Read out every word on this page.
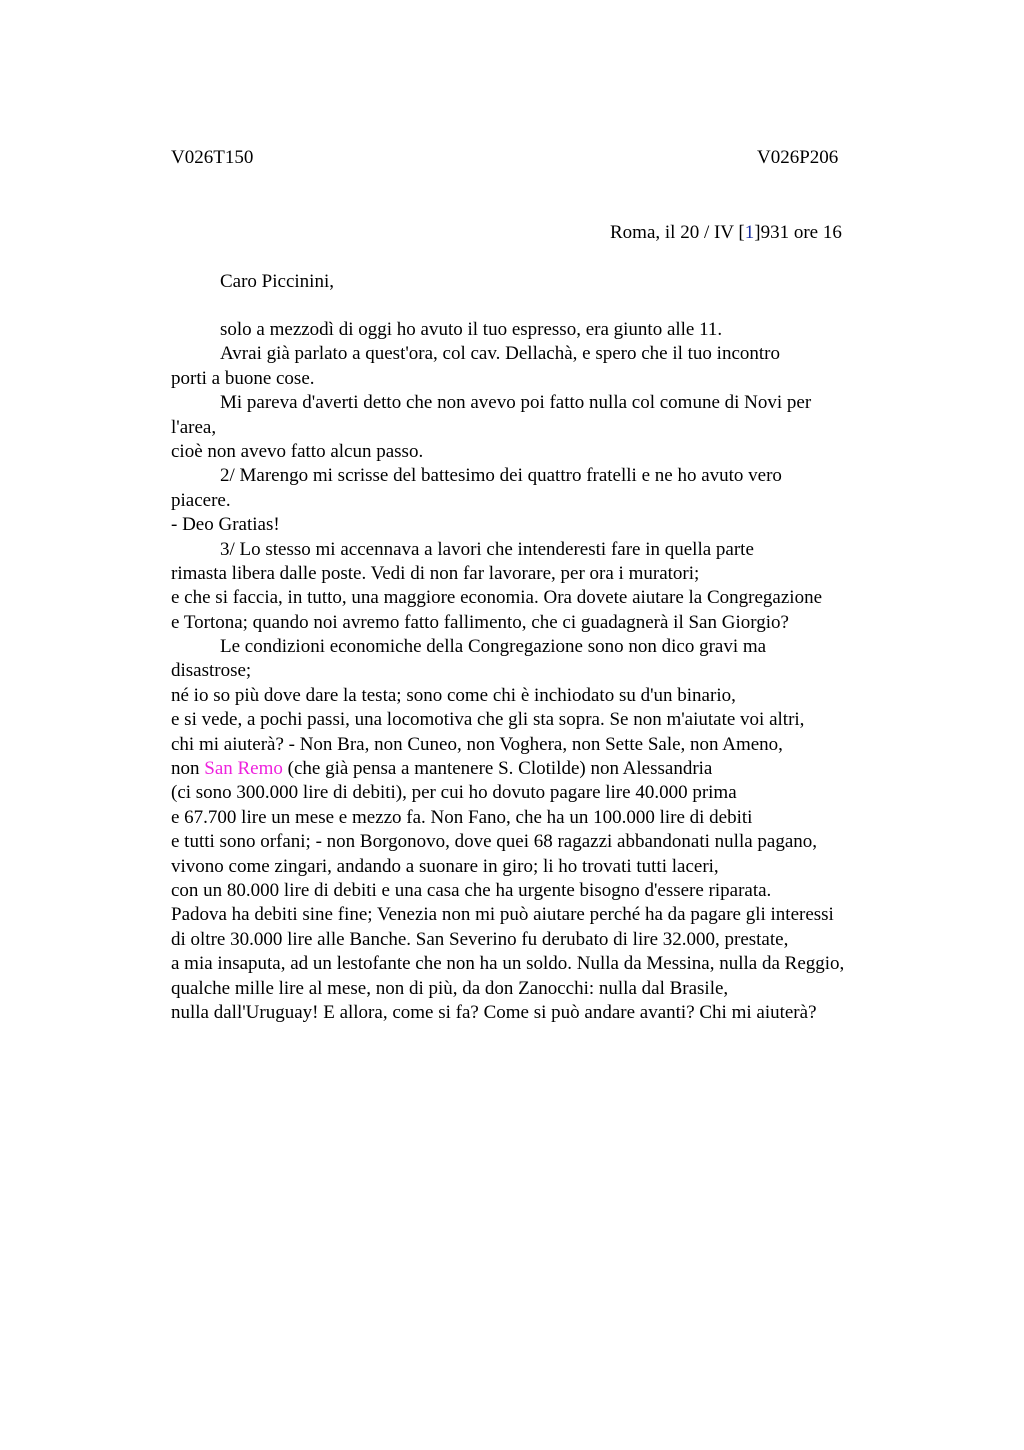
V026T150	V026P206
Roma, il 20 / IV [1]931 ore 16
Caro Piccinini,
solo a mezzodì di oggi ho avuto il tuo espresso, era giunto alle 11.
Avrai già parlato a quest'ora, col cav. Dellachà, e spero che il tuo incontro
porti a buone cose.
Mi pareva d'averti detto che non avevo poi fatto nulla col comune di Novi per
l'area,
cioè non avevo fatto alcun passo.
2/ Marengo mi scrisse del battesimo dei quattro fratelli e ne ho avuto vero
piacere.
- Deo Gratias!
3/ Lo stesso mi accennava a lavori che intenderesti fare in quella parte
rimasta libera dalle poste. Vedi di non far lavorare, per ora i muratori;
e che si faccia, in tutto, una maggiore economia. Ora dovete aiutare la Congregazione
e Tortona; quando noi avremo fatto fallimento, che ci guadagnerà il San Giorgio?
Le condizioni economiche della Congregazione sono non dico gravi ma
disastrose;
né io so più dove dare la testa; sono come chi è inchiodato su d'un binario,
e si vede, a pochi passi, una locomotiva che gli sta sopra. Se non m'aiutate voi altri,
chi mi aiuterà? - Non Bra, non Cuneo, non Voghera, non Sette Sale, non Ameno,
non San Remo (che già pensa a mantenere S. Clotilde) non Alessandria
(ci sono 300.000 lire di debiti), per cui ho dovuto pagare lire 40.000 prima
e 67.700 lire un mese e mezzo fa. Non Fano, che ha un 100.000 lire di debiti
e tutti sono orfani; - non Borgonovo, dove quei 68 ragazzi abbandonati nulla pagano,
vivono come zingari, andando a suonare in giro; li ho trovati tutti laceri,
con un 80.000 lire di debiti e una casa che ha urgente bisogno d'essere riparata.
Padova ha debiti sine fine; Venezia non mi può aiutare perché ha da pagare gli interessi
di oltre 30.000 lire alle Banche. San Severino fu derubato di lire 32.000, prestate,
a mia insaputa, ad un lestofante che non ha un soldo. Nulla da Messina, nulla da Reggio,
qualche mille lire al mese, non di più, da don Zanocchi: nulla dal Brasile,
nulla dall'Uruguay! E allora, come si fa? Come si può andare avanti? Chi mi aiuterà?
